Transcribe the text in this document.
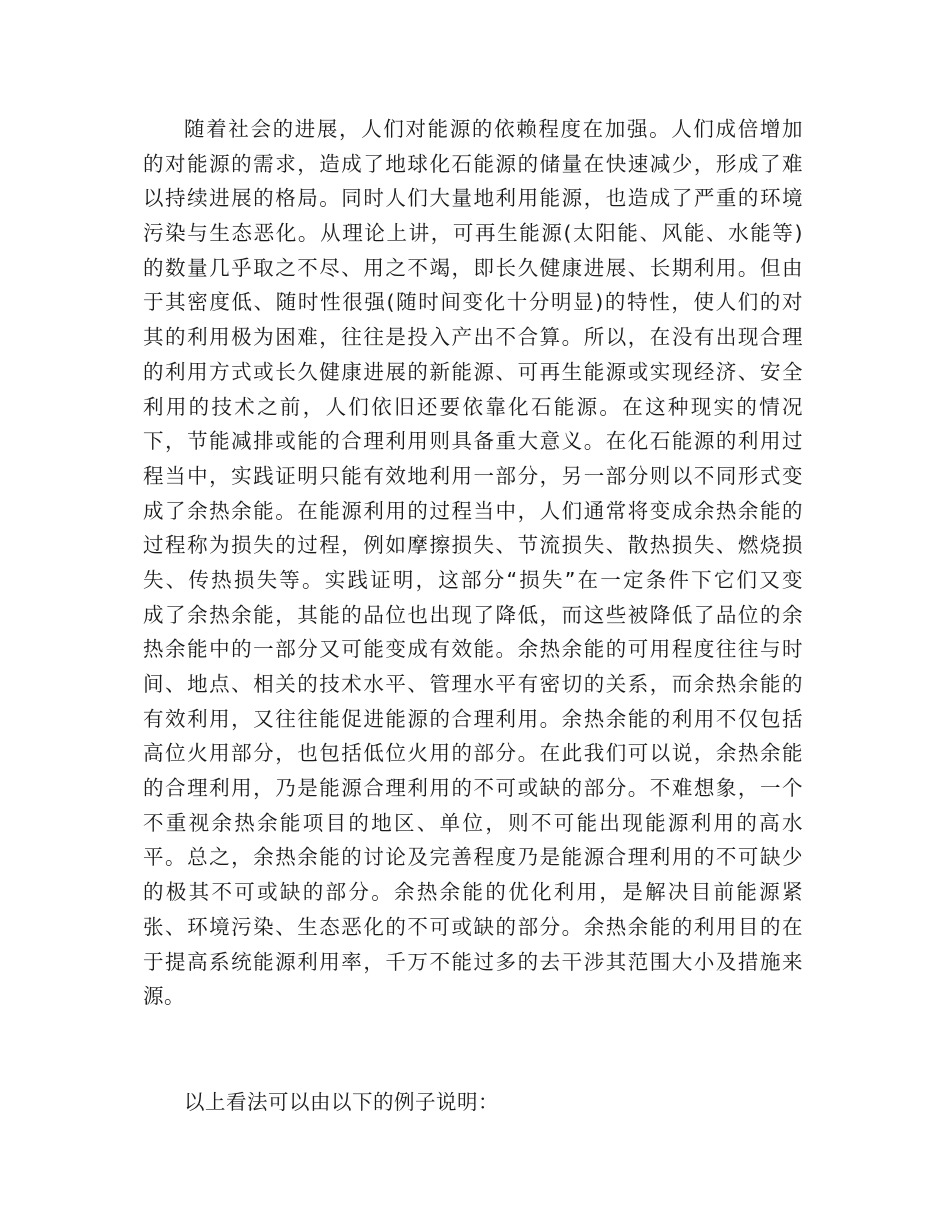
随着社会的进展，人们对能源的依赖程度在加强。人们成倍增加
的对能源的需求，造成了地球化石能源的储量在快速减少，形成了难
以持续进展的格局。同时人们大量地利用能源，也造成了严重的环境
污染与生态恶化。从理论上讲，可再生能源(太阳能、风能、水能等)
的数量几乎取之不尽、用之不竭，即长久健康进展、长期利用。但由
于其密度低、随时性很强(随时间变化十分明显)的特性，使人们的对
其的利用极为困难，往往是投入产出不合算。所以，在没有出现合理
的利用方式或长久健康进展的新能源、可再生能源或实现经济、安全
利用的技术之前，人们依旧还要依靠化石能源。在这种现实的情况
下，节能减排或能的合理利用则具备重大意义。在化石能源的利用过
程当中，实践证明只能有效地利用一部分，另一部分则以不同形式变
成了余热余能。在能源利用的过程当中，人们通常将变成余热余能的
过程称为损失的过程，例如摩擦损失、节流损失、散热损失、燃烧损
失、传热损失等。实践证明，这部分“损失”在一定条件下它们又变
成了余热余能，其能的品位也出现了降低，而这些被降低了品位的余
热余能中的一部分又可能变成有效能。余热余能的可用程度往往与时
间、地点、相关的技术水平、管理水平有密切的关系，而余热余能的
有效利用，又往往能促进能源的合理利用。余热余能的利用不仅包括
高位火用部分，也包括低位火用的部分。在此我们可以说，余热余能
的合理利用，乃是能源合理利用的不可或缺的部分。不难想象，一个
不重视余热余能项目的地区、单位，则不可能出现能源利用的高水
平。总之，余热余能的讨论及完善程度乃是能源合理利用的不可缺少
的极其不可或缺的部分。余热余能的优化利用，是解决目前能源紧
张、环境污染、生态恶化的不可或缺的部分。余热余能的利用目的在
于提高系统能源利用率，千万不能过多的去干涉其范围大小及措施来
源。
以上看法可以由以下的例子说明：
